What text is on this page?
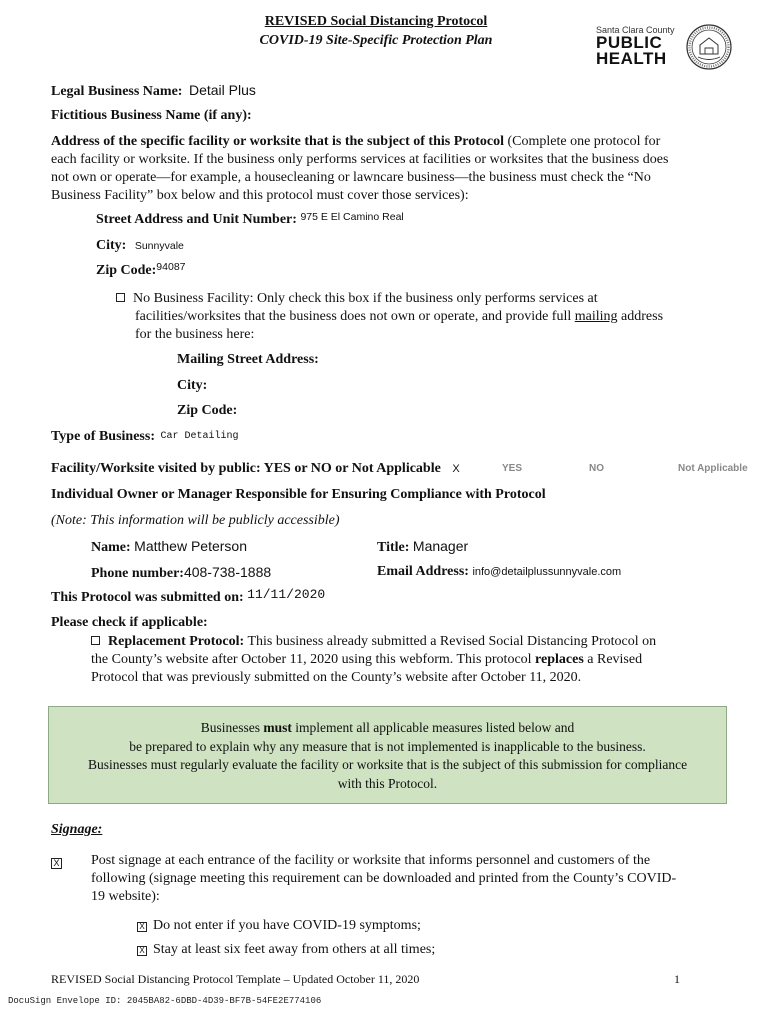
REVISED Social Distancing Protocol
COVID-19 Site-Specific Protection Plan
Santa Clara County
PUBLIC
HEALTH
Legal Business Name: Detail Plus
Fictitious Business Name (if any):
Address of the specific facility or worksite that is the subject of this Protocol (Complete one protocol for
each facility or worksite. If the business only performs services at facilities or worksites that the business does
not own or operate—for example, a housecleaning or lawncare business—the business must check the “No
Business Facility” box below and this protocol must cover those services):
Street Address and Unit Number: $^{975 E El Camino Real}$
City: Sunnyvale
Zip Code:$^{94087}$
No Business Facility: Only check this box if the business only performs services at
facilities/worksites that the business does not own or operate, and provide full mailing address
for the business here:
Mailing Street Address:
City:
Zip Code:
Type of Business: Car Detailing
Facility/Worksite visited by public: YES or NO or Not Applicable X	YES	NO	Not Applicable
Individual Owner or Manager Responsible for Ensuring Compliance with Protocol
(Note: This information will be publicly accessible)
Name: Matthew Peterson	Title: Manager
Phone number:408-738-1888	Email Address: info@detailplussunnyvale.com
This Protocol was submitted on: 11/11/2020
Please check if applicable:
Replacement Protocol: This business already submitted a Revised Social Distancing Protocol on
the County’s website after October 11, 2020 using this webform. This protocol replaces a Revised
Protocol that was previously submitted on the County’s website after October 11, 2020.
Businesses must implement all applicable measures listed below and
be prepared to explain why any measure that is not implemented is inapplicable to the business.
Businesses must regularly evaluate the facility or worksite that is the subject of this submission for compliance
with this Protocol.
Signage:
X Post signage at each entrance of the facility or worksite that informs personnel and customers of the
following (signage meeting this requirement can be downloaded and printed from the County’s COVID-
19 website):
X Do not enter if you have COVID-19 symptoms;
X Stay at least six feet away from others at all times;
REVISED Social Distancing Protocol Template – Updated October 11, 2020	1
DocuSign Envelope ID: 2045BA82-6DBD-4D39-BF7B-54FE2E774106
